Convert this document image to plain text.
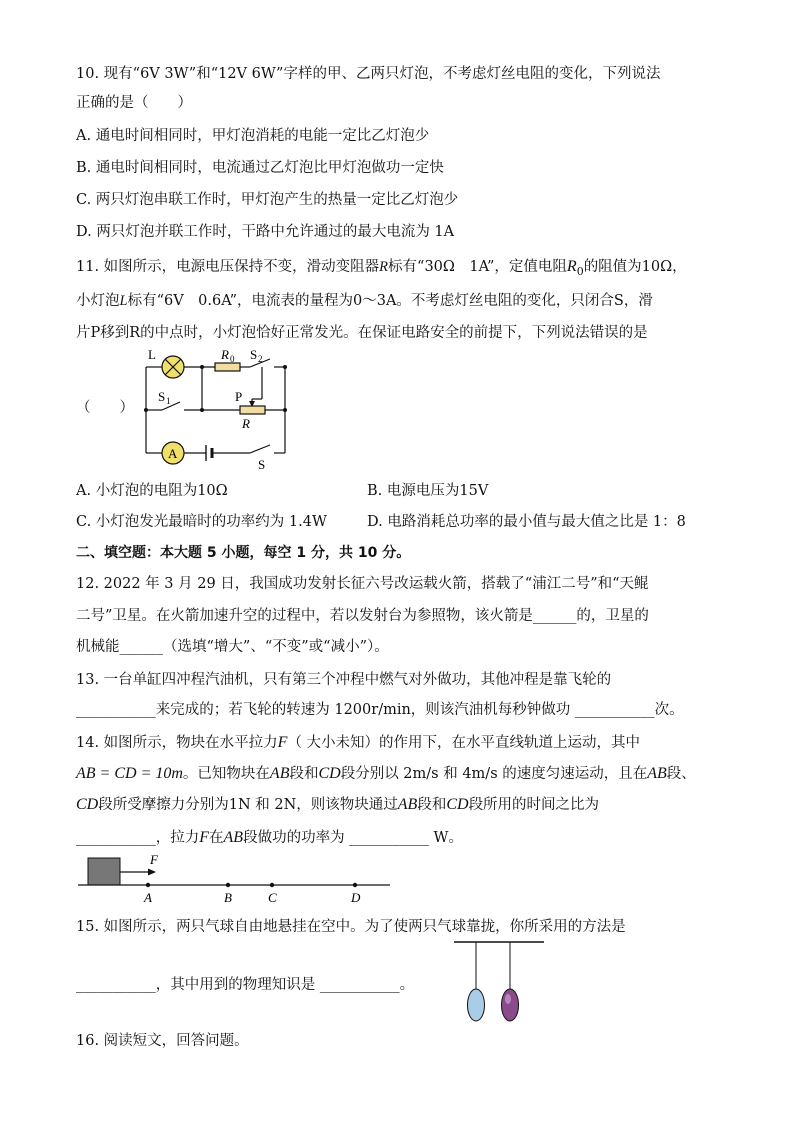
10. 现有“6V 3W”和“12V 6W”字样的甲、乙两只灯泡，不考虑灯丝电阻的变化，下列说法
正确的是（　　）
A. 通电时间相同时，甲灯泡消耗的电能一定比乙灯泡少
B. 通电时间相同时，电流通过乙灯泡比甲灯泡做功一定快
C. 两只灯泡串联工作时，甲灯泡产生的热量一定比乙灯泡少
D. 两只灯泡并联工作时，干路中允许通过的最大电流为 1A
11. 如图所示，电源电压保持不变，滑动变阻器R标有“30Ω　1A”，定值电阻$R_0$的阻值为10Ω，
小灯泡L标有“6V　0.6A”，电流表的量程为0～3A。不考虑灯丝电阻的变化，只闭合S，滑
片P移到R的中点时，小灯泡恰好正常发光。在保证电路安全的前提下，下列说法错误的是
（　　）
L	R 0 S 2
S 1	P
R
A
S
A. 小灯泡的电阻为10Ω	B. 电源电压为15V
C. 小灯泡发光最暗时的功率约为 1.4W	D. 电路消耗总功率的最小值与最大值之比是 1：8
二、填空题：本大题 5 小题，每空 1 分，共 10 分。
12. 2022 年 3 月 29 日，我国成功发射长征六号改运载火箭，搭载了“浦江二号”和“天鲲
二号”卫星。在火箭加速升空的过程中，若以发射台为参照物，该火箭是______的，卫星的
机械能______（选填“增大”、“不变”或“减小”）。
13. 一台单缸四冲程汽油机，只有第三个冲程中燃气对外做功，其他冲程是靠飞轮的
___________来完成的；若飞轮的转速为 1200r/min，则该汽油机每秒钟做功 ___________次。
14. 如图所示，物块在水平拉力F（ 大小未知）的作用下，在水平直线轨道上运动，其中
AB = CD = 10m。已知物块在AB段和CD段分别以 2m/s 和 4m/s 的速度匀速运动，且在AB段、
CD段所受摩擦力分别为1N 和 2N，则该物块通过AB段和CD段所用的时间之比为
___________，拉力F在AB段做功的功率为 ___________ W。
F
A	B	C	D
15. 如图所示，两只气球自由地悬挂在空中。为了使两只气球靠拢，你所采用的方法是
___________，其中用到的物理知识是 ___________。
16. 阅读短文，回答问题。
